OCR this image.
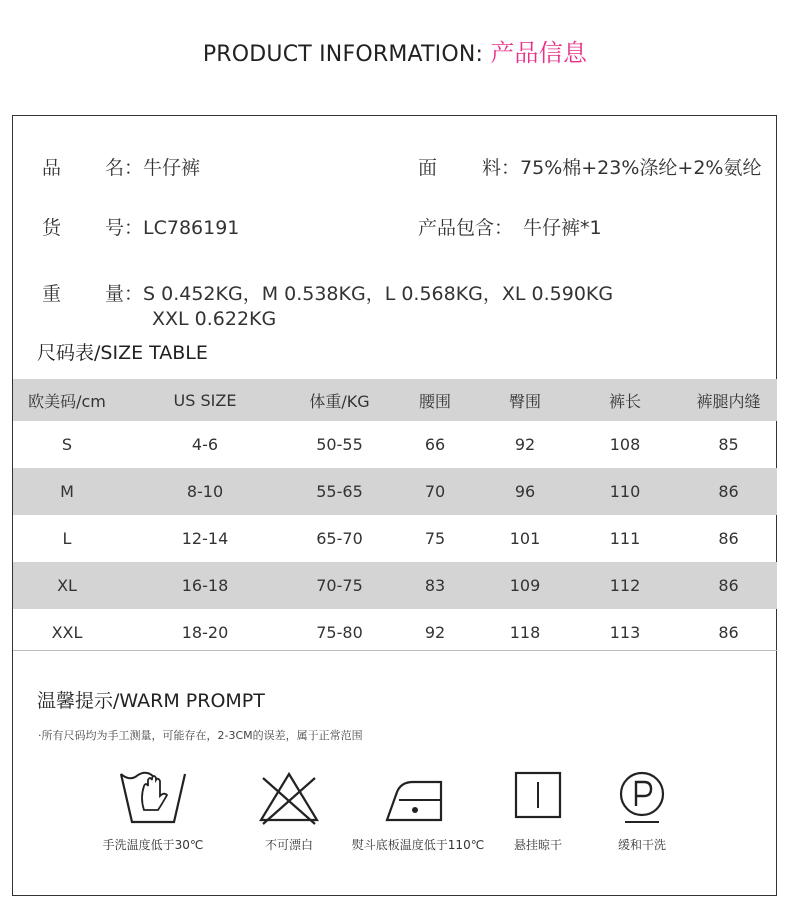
PRODUCT INFORMATION: 产品信息
品 名：牛仔裤	面 料：75%棉+23%涤纶+2%氨纶
货 号：LC786191	产品包含： 牛仔裤*1
重 量：S 0.452KG，M 0.538KG，L 0.568KG，XL 0.590KG
XXL 0.622KG
尺码表/SIZE TABLE
欧美码/cm	US SIZE	体重/KG	腰围	臀围	裤长	裤腿内缝
S	4-6	50-55	66	92	108	85
M	8-10	55-65	70	96	110	86
L	12-14	65-70	75	101	111	86
XL	16-18	70-75	83	109	112	86
XXL	18-20	75-80	92	118	113	86
温馨提示/WARM PROMPT
·所有尺码均为手工测量，可能存在，2-3CM的误差，属于正常范围
手洗温度低于30℃	不可漂白	熨斗底板温度低于110℃	悬挂晾干	缓和干洗
